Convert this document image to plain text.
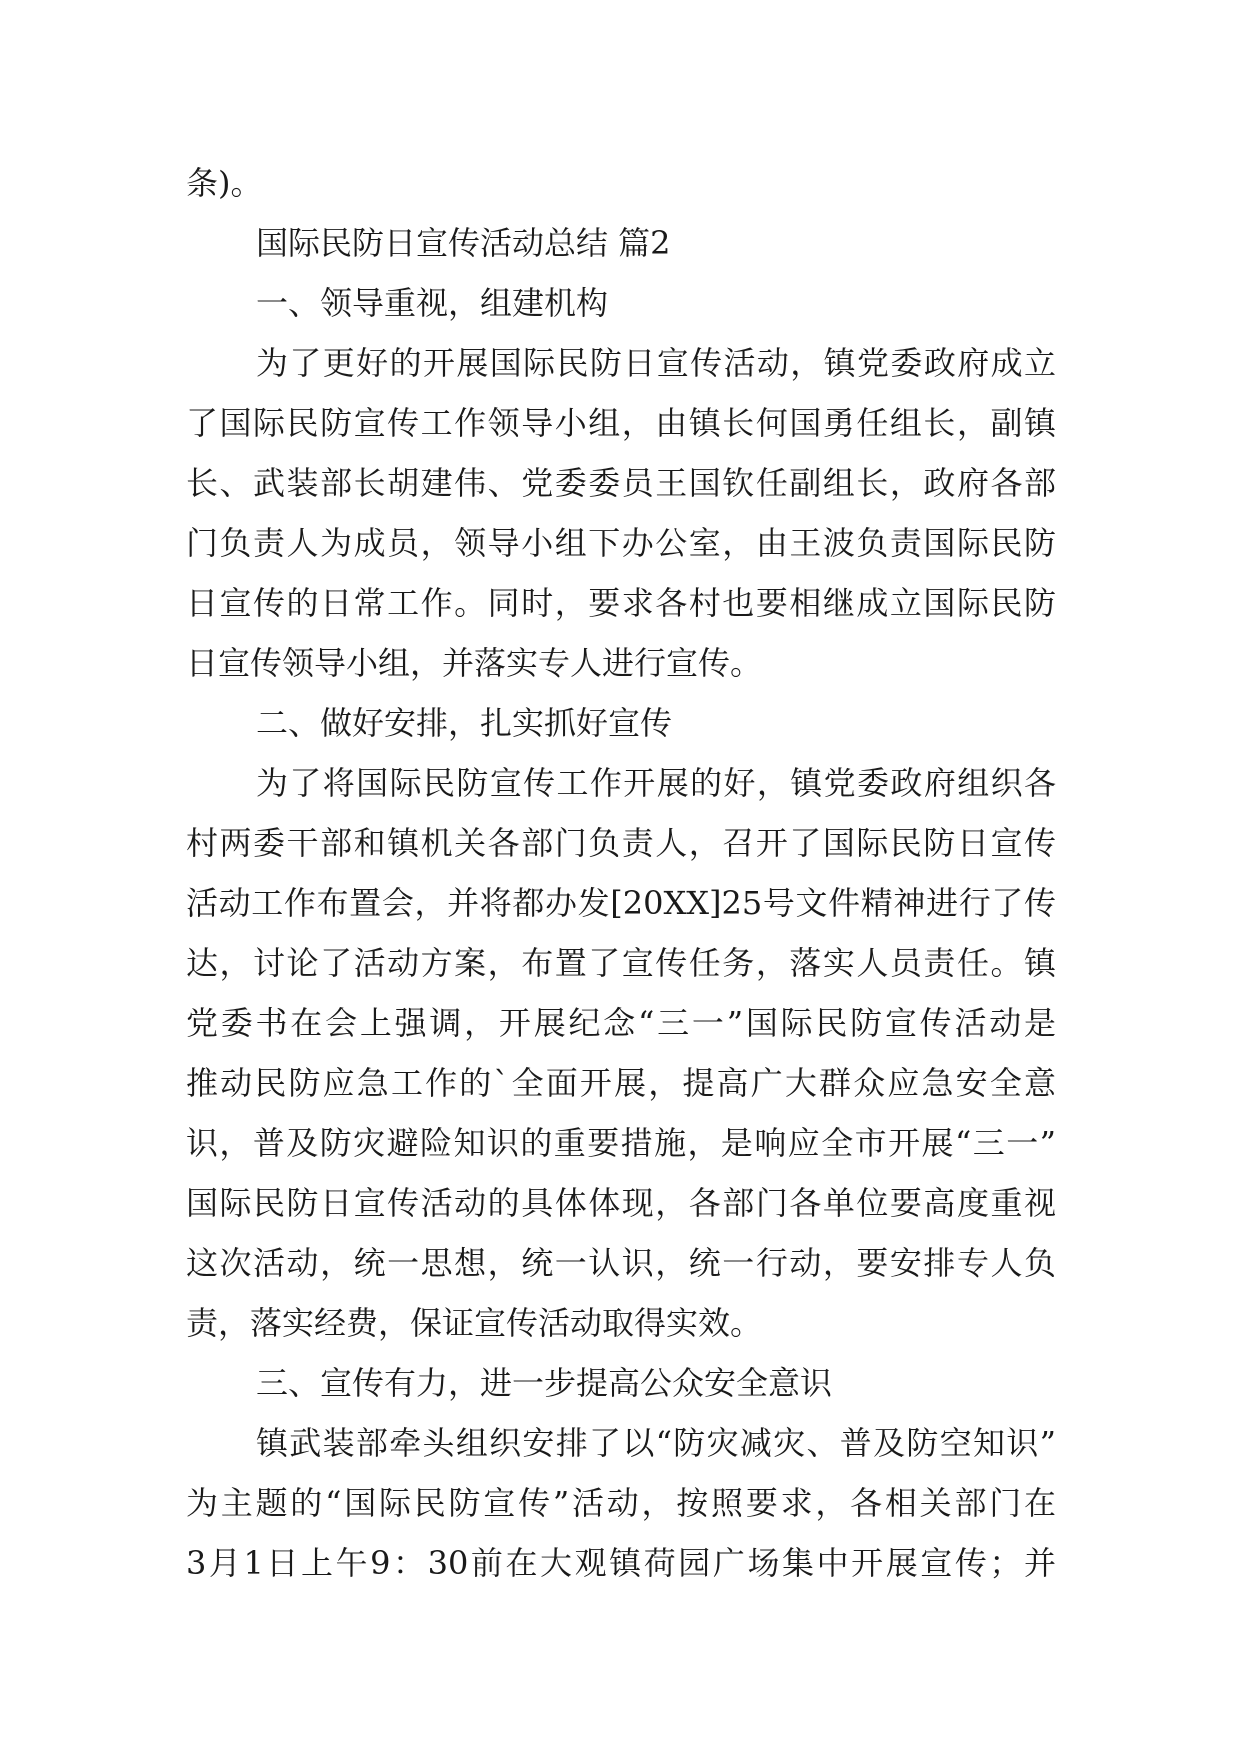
条)。
国际民防日宣传活动总结 篇2
一、领导重视，组建机构
为了更好的开展国际民防日宣传活动，镇党委政府成立
了国际民防宣传工作领导小组，由镇长何国勇任组长，副镇
长、武装部长胡建伟、党委委员王国钦任副组长，政府各部
门负责人为成员，领导小组下办公室，由王波负责国际民防
日宣传的日常工作。同时，要求各村也要相继成立国际民防
日宣传领导小组，并落实专人进行宣传。
二、做好安排，扎实抓好宣传
为了将国际民防宣传工作开展的好，镇党委政府组织各
村两委干部和镇机关各部门负责人，召开了国际民防日宣传
活动工作布置会，并将都办发[20XX]25号文件精神进行了传
达，讨论了活动方案，布置了宣传任务，落实人员责任。镇
党委书在会上强调，开展纪念“三一”国际民防宣传活动是
推动民防应急工作的`全面开展，提高广大群众应急安全意
识，普及防灾避险知识的重要措施，是响应全市开展“三一”
国际民防日宣传活动的具体体现，各部门各单位要高度重视
这次活动，统一思想，统一认识，统一行动，要安排专人负
责，落实经费，保证宣传活动取得实效。
三、宣传有力，进一步提高公众安全意识
镇武装部牵头组织安排了以“防灾减灾、普及防空知识”
为主题的“国际民防宣传”活动，按照要求，各相关部门在
3月1日上午9：30前在大观镇荷园广场集中开展宣传；并
